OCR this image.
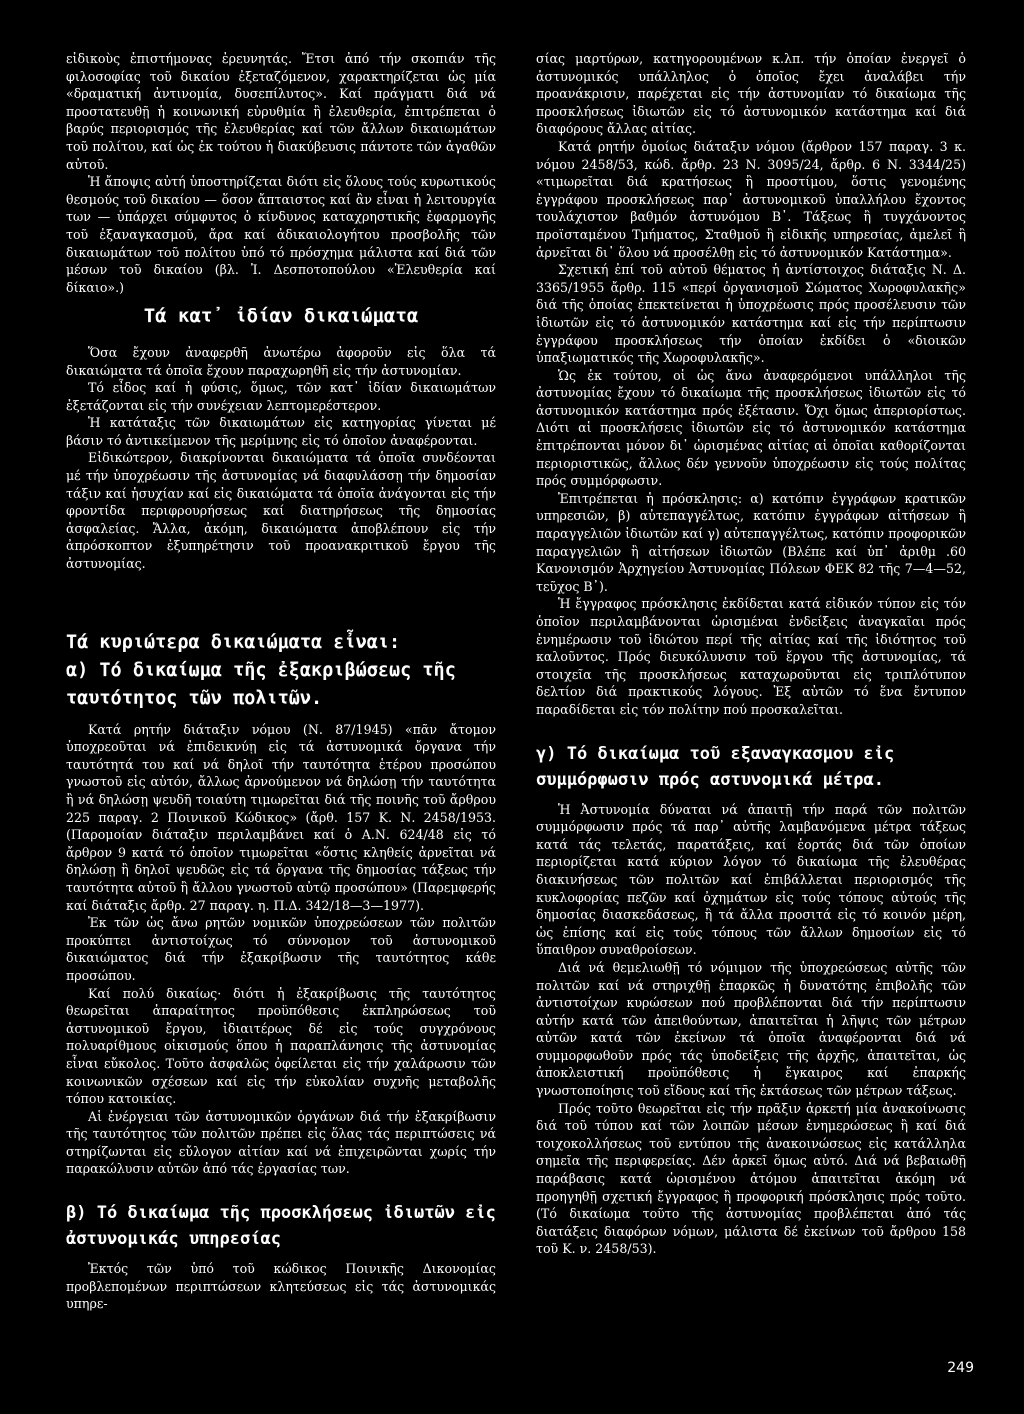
εἰδικοὺς ἐπιστήμονας ἐρευνητάς. Ἔτσι ἀπό τήν σκοπιάν τῆς φιλοσοφίας τοῦ δικαίου ἐξεταζόμενον, χαρακτηρίζεται ὡς μία «δραματική ἀντινομία, δυσεπίλυτος». Καί πράγματι διά νά προστατευθῇ ἡ κοινωνική εὐρυθμία ἢ ἐλευθερία, ἐπιτρέπεται ὁ βαρύς περιορισμός τῆς ἐλευθερίας καί τῶν ἄλλων δικαιωμάτων τοῦ πολίτου, καί ὡς ἐκ τούτου ἡ διακύβευσις πάντοτε τῶν ἀγαθῶν αὐτοῦ.

Ἡ ἄποψις αὐτή ὑποστηρίζεται διότι εἰς ὅλους τούς κυρωτικούς θεσμούς τοῦ δικαίου — ὅσον ἄπταιστος καί ἂν εἶναι ἡ λειτουργία των — ὑπάρχει σύμφυτος ὁ κίνδυνος καταχρηστικῆς ἐφαρμογῆς τοῦ ἐξαναγκασμοῦ, ἄρα καί ἀδικαιολογήτου προσβολῆς τῶν δικαιωμάτων τοῦ πολίτου ὑπό τό πρόσχημα μάλιστα καί διά τῶν μέσων τοῦ δικαίου (βλ. Ἰ. Δεσποτοπούλου «Ἐλευθερία καί δίκαιο».)

Τά κατ᾽ ἰδίαν δικαιώματα

Ὅσα ἔχουν ἀναφερθῆ ἀνωτέρω ἀφοροῦν εἰς ὅλα τά δικαιώματα τά ὁποῖα ἔχουν παραχωρηθῆ εἰς τήν ἀστυνομίαν.

Τό εἶδος καί ἡ φύσις, ὅμως, τῶν κατ᾽ ἰδίαν δικαιωμάτων ἐξετάζονται εἰς τήν συνέχειαν λεπτομερέστερον.

Ἡ κατάταξις τῶν δικαιωμάτων εἰς κατηγορίας γίνεται μέ βάσιν τό ἀντικείμενον τῆς μερίμνης εἰς τό ὁποῖον ἀναφέρονται.

Εἰδικώτερον, διακρίνονται δικαιώματα τά ὁποῖα συνδέονται μέ τήν ὑποχρέωσιν τῆς ἀστυνομίας νά διαφυλάσσῃ τήν δημοσίαν τάξιν καί ἡσυχίαν καί εἰς δικαιώματα τά ὁποῖα ἀνάγονται εἰς τήν φροντίδα περιφρουρήσεως καί διατηρήσεως τῆς δημοσίας ἀσφαλείας. Ἄλλα, ἀκόμη, δικαιώματα ἀποβλέπουν εἰς τήν ἀπρόσκοπτον ἐξυπηρέτησιν τοῦ προανακριτικοῦ ἔργου τῆς ἀστυνομίας.

Τά κυριώτερα δικαιώματα εἶναι:
α) Τό δικαίωμα τῆς ἐξακριβώσεως τῆς ταυτότητος τῶν πολιτῶν.

Κατά ρητήν διάταξιν νόμου (Ν. 87/1945) «πᾶν ἄτομον ὑποχρεοῦται νά ἐπιδεικνύῃ εἰς τά ἀστυνομικά ὄργανα τήν ταυτότητά του καί νά δηλοῖ τήν ταυτότητα ἑτέρου προσώπου γνωστοῦ εἰς αὐτόν, ἄλλως ἀρνούμενον νά δηλώσῃ τήν ταυτότητα ἢ νά δηλώσῃ ψευδῆ τοιαύτη τιμωρεῖται διά τῆς ποινῆς τοῦ ἄρθρου 225 παραγ. 2 Ποινικοῦ Κώδικος» (ἄρθ. 157 Κ. Ν. 2458/1953. (Παρομοίαν διάταξιν περιλαμβάνει καί ὁ Α.Ν. 624/48 εἰς τό ἄρθρον 9 κατά τό ὁποῖον τιμωρεῖται «ὅστις κληθείς ἀρνεῖται νά δηλώσῃ ἢ δηλοῖ ψευδῶς εἰς τά ὄργανα τῆς δημοσίας τάξεως τήν ταυτότητα αὐτοῦ ἢ ἄλλου γνωστοῦ αὐτῷ προσώπου» (Παρεμφερής καί διάταξις ἄρθρ. 27 παραγ. η. Π.Δ. 342/18—3—1977).

Ἐκ τῶν ὡς ἄνω ρητῶν νομικῶν ὑποχρεώσεων τῶν πολιτῶν προκύπτει ἀντιστοίχως τό σύννομον τοῦ ἀστυνομικοῦ δικαιώματος διά τήν ἐξακρίβωσιν τῆς ταυτότητος κάθε προσώπου.

Καί πολύ δικαίως· διότι ἡ ἐξακρίβωσις τῆς ταυτότητος θεωρεῖται ἀπαραίτητος προϋπόθεσις ἐκπληρώσεως τοῦ ἀστυνομικοῦ ἔργου, ἰδιαιτέρως δέ εἰς τούς συγχρόνους πολυαρίθμους οἰκισμούς ὅπου ἡ παραπλάνησις τῆς ἀστυνομίας εἶναι εὔκολος. Τοῦτο ἀσφαλῶς ὀφείλεται εἰς τήν χαλάρωσιν τῶν κοινωνικῶν σχέσεων καί εἰς τήν εὐκολίαν συχνῆς μεταβολῆς τόπου κατοικίας.

Αἱ ἐνέργειαι τῶν ἀστυνομικῶν ὀργάνων διά τήν ἐξακρίβωσιν τῆς ταυτότητος τῶν πολιτῶν πρέπει εἰς ὅλας τάς περιπτώσεις νά στηρίζωνται εἰς εὔλογον αἰτίαν καί νά ἐπιχειρῶνται χωρίς τήν παρακώλυσιν αὐτῶν ἀπό τάς ἐργασίας των.

β) Τό δικαίωμα τῆς προσκλήσεως ἰδιωτῶν εἰς ἀστυνομικάς υπηρεσίας

Ἐκτός τῶν ὑπό τοῦ κώδικος Ποινικῆς Δικονομίας προβλεπομένων περιπτώσεων κλητεύσεως εἰς τάς ἀστυνομικάς υπηρε-

σίας μαρτύρων, κατηγορουμένων κ.λπ. τήν ὁποίαν ἐνεργεῖ ὁ ἀστυνομικός υπάλληλος ὁ ὁποῖος ἔχει ἀναλάβει τήν προανάκρισιν, παρέχεται εἰς τήν ἀστυνομίαν τό δικαίωμα τῆς προσκλήσεως ἰδιωτῶν εἰς τό ἀστυνομικόν κατάστημα καί διά διαφόρους ἄλλας αἰτίας.

Κατά ρητήν ὁμοίως διάταξιν νόμου (ἄρθρον 157 παραγ. 3 κ. νόμου 2458/53, κώδ. ἄρθρ. 23 Ν. 3095/24, ἄρθρ. 6 Ν. 3344/25) «τιμωρεῖται διά κρατήσεως ἢ προστίμου, ὅστις γενομένης ἐγγράφου προσκλήσεως παρ᾽ ἀστυνομικοῦ ὑπαλλήλου ἔχοντος τουλάχιστον βαθμόν ἀστυνόμου Β᾽. Τάξεως ἢ τυγχάνοντος προϊσταμένου Τμήματος, Σταθμοῦ ἢ εἰδικῆς υπηρεσίας, ἀμελεῖ ἢ ἀρνεῖται δι᾽ ὅλου νά προσέλθῃ εἰς τό ἀστυνομικόν Κατάστημα».

Σχετική ἐπί τοῦ αὐτοῦ θέματος ἡ ἀντίστοιχος διάταξις Ν. Δ. 3365/1955 ἄρθρ. 115 «περί ὀργανισμοῦ Σώματος Χωροφυλακῆς» διά τῆς ὁποίας ἐπεκτείνεται ἡ ὑποχρέωσις πρός προσέλευσιν τῶν ἰδιωτῶν εἰς τό ἀστυνομικόν κατάστημα καί εἰς τήν περίπτωσιν ἐγγράφου προσκλήσεως τήν ὁποίαν ἐκδίδει ὁ «διοικῶν ὑπαξιωματικός τῆς Χωροφυλακῆς».

Ὡς ἐκ τούτου, οἱ ὡς ἄνω ἀναφερόμενοι υπάλληλοι τῆς ἀστυνομίας ἔχουν τό δικαίωμα τῆς προσκλήσεως ἰδιωτῶν εἰς τό ἀστυνομικόν κατάστημα πρός ἐξέτασιν. Ὄχι ὅμως ἀπεριορίστως. Διότι αἱ προσκλήσεις ἰδιωτῶν εἰς τό ἀστυνομικόν κατάστημα ἐπιτρέπονται μόνον δι᾽ ὡρισμένας αἰτίας αἱ ὁποῖαι καθορίζονται περιοριστικῶς, ἄλλως δέν γεννοῦν ὑποχρέωσιν εἰς τούς πολίτας πρός συμμόρφωσιν.

Ἐπιτρέπεται ἡ πρόσκλησις: α) κατόπιν ἐγγράφων κρατικῶν υπηρεσιῶν, β) αὐτεπαγγέλτως, κατόπιν ἐγγράφων αἰτήσεων ἢ παραγγελιῶν ἰδιωτῶν καί γ) αὐτεπαγγέλτως, κατόπιν προφορικῶν παραγγελιῶν ἢ αἰτήσεων ἰδιωτῶν (Βλέπε καί ὑπ᾽ ἀριθμ .60 Κανονισμόν Ἀρχηγείου Ἀστυνομίας Πόλεων ΦΕΚ 82 τῆς 7—4—52, τεῦχος Β᾽).

Ἡ ἔγγραφος πρόσκλησις ἐκδίδεται κατά εἰδικόν τύπον εἰς τόν ὁποῖον περιλαμβάνονται ὡρισμέναι ἐνδείξεις ἀναγκαῖαι πρός ἐνημέρωσιν τοῦ ἰδιώτου περί τῆς αἰτίας καί τῆς ἰδιότητος τοῦ καλοῦντος. Πρός διευκόλυνσιν τοῦ ἔργου τῆς ἀστυνομίας, τά στοιχεῖα τῆς προσκλήσεως καταχωροῦνται εἰς τριπλότυπον δελτίον διά πρακτικούς λόγους. Ἐξ αὐτῶν τό ἕνα ἔντυπον παραδίδεται εἰς τόν πολίτην πού προσκαλεῖται.

γ) Τό δικαίωμα τοῦ εξαναγκασμου εἰς συμμόρφωσιν πρός αστυνομικά μέτρα.

Ἡ Ἀστυνομία δύναται νά ἀπαιτῇ τήν παρά τῶν πολιτῶν συμμόρφωσιν πρός τά παρ᾽ αὐτῆς λαμβανόμενα μέτρα τάξεως κατά τάς τελετάς, παρατάξεις, καί ἑορτάς διά τῶν ὁποίων περιορίζεται κατά κύριον λόγον τό δικαίωμα τῆς ἐλευθέρας διακινήσεως τῶν πολιτῶν καί ἐπιβάλλεται περιορισμός τῆς κυκλοφορίας πεζῶν καί ὀχημάτων εἰς τούς τόπους αὐτούς τῆς δημοσίας διασκεδάσεως, ἢ τά ἄλλα προσιτά εἰς τό κοινόν μέρη, ὡς ἐπίσης καί εἰς τούς τόπους τῶν ἄλλων δημοσίων εἰς τό ὕπαιθρον συναθροίσεων.

Διά νά θεμελιωθῇ τό νόμιμον τῆς ὑποχρεώσεως αὐτῆς τῶν πολιτῶν καί νά στηριχθῇ ἐπαρκῶς ἡ δυνατότης ἐπιβολῆς τῶν ἀντιστοίχων κυρώσεων πού προβλέπονται διά τήν περίπτωσιν αὐτήν κατά τῶν ἀπειθούντων, ἀπαιτεῖται ἡ λῆψις τῶν μέτρων αὐτῶν κατά τῶν ἐκείνων τά ὁποῖα ἀναφέρονται διά νά συμμορφωθοῦν πρός τάς ὑποδείξεις τῆς ἀρχῆς, ἀπαιτεῖται, ὡς ἀποκλειστική προϋπόθεσις ἡ ἔγκαιρος καί ἐπαρκής γνωστοποίησις τοῦ εἴδους καί τῆς ἐκτάσεως τῶν μέτρων τάξεως.

Πρός τοῦτο θεωρεῖται εἰς τήν πρᾶξιν ἀρκετή μία ἀνακοίνωσις διά τοῦ τύπου καί τῶν λοιπῶν μέσων ἐνημερώσεως ἢ καί διά τοιχοκολλήσεως τοῦ εντύπου τῆς ἀνακοινώσεως εἰς κατάλληλα σημεῖα τῆς περιφερείας. Δέν ἀρκεῖ ὅμως αὐτό. Διά νά βεβαιωθῇ παράβασις κατά ὡρισμένου ἀτόμου ἀπαιτεῖται ἀκόμη νά προηγηθῇ σχετική ἔγγραφος ἢ προφορική πρόσκλησις πρός τοῦτο. (Τό δικαίωμα τοῦτο τῆς ἀστυνομίας προβλέπεται ἀπό τάς διατάξεις διαφόρων νόμων, μάλιστα δέ ἐκείνων τοῦ ἄρθρου 158 τοῦ Κ. ν. 2458/53).

249
